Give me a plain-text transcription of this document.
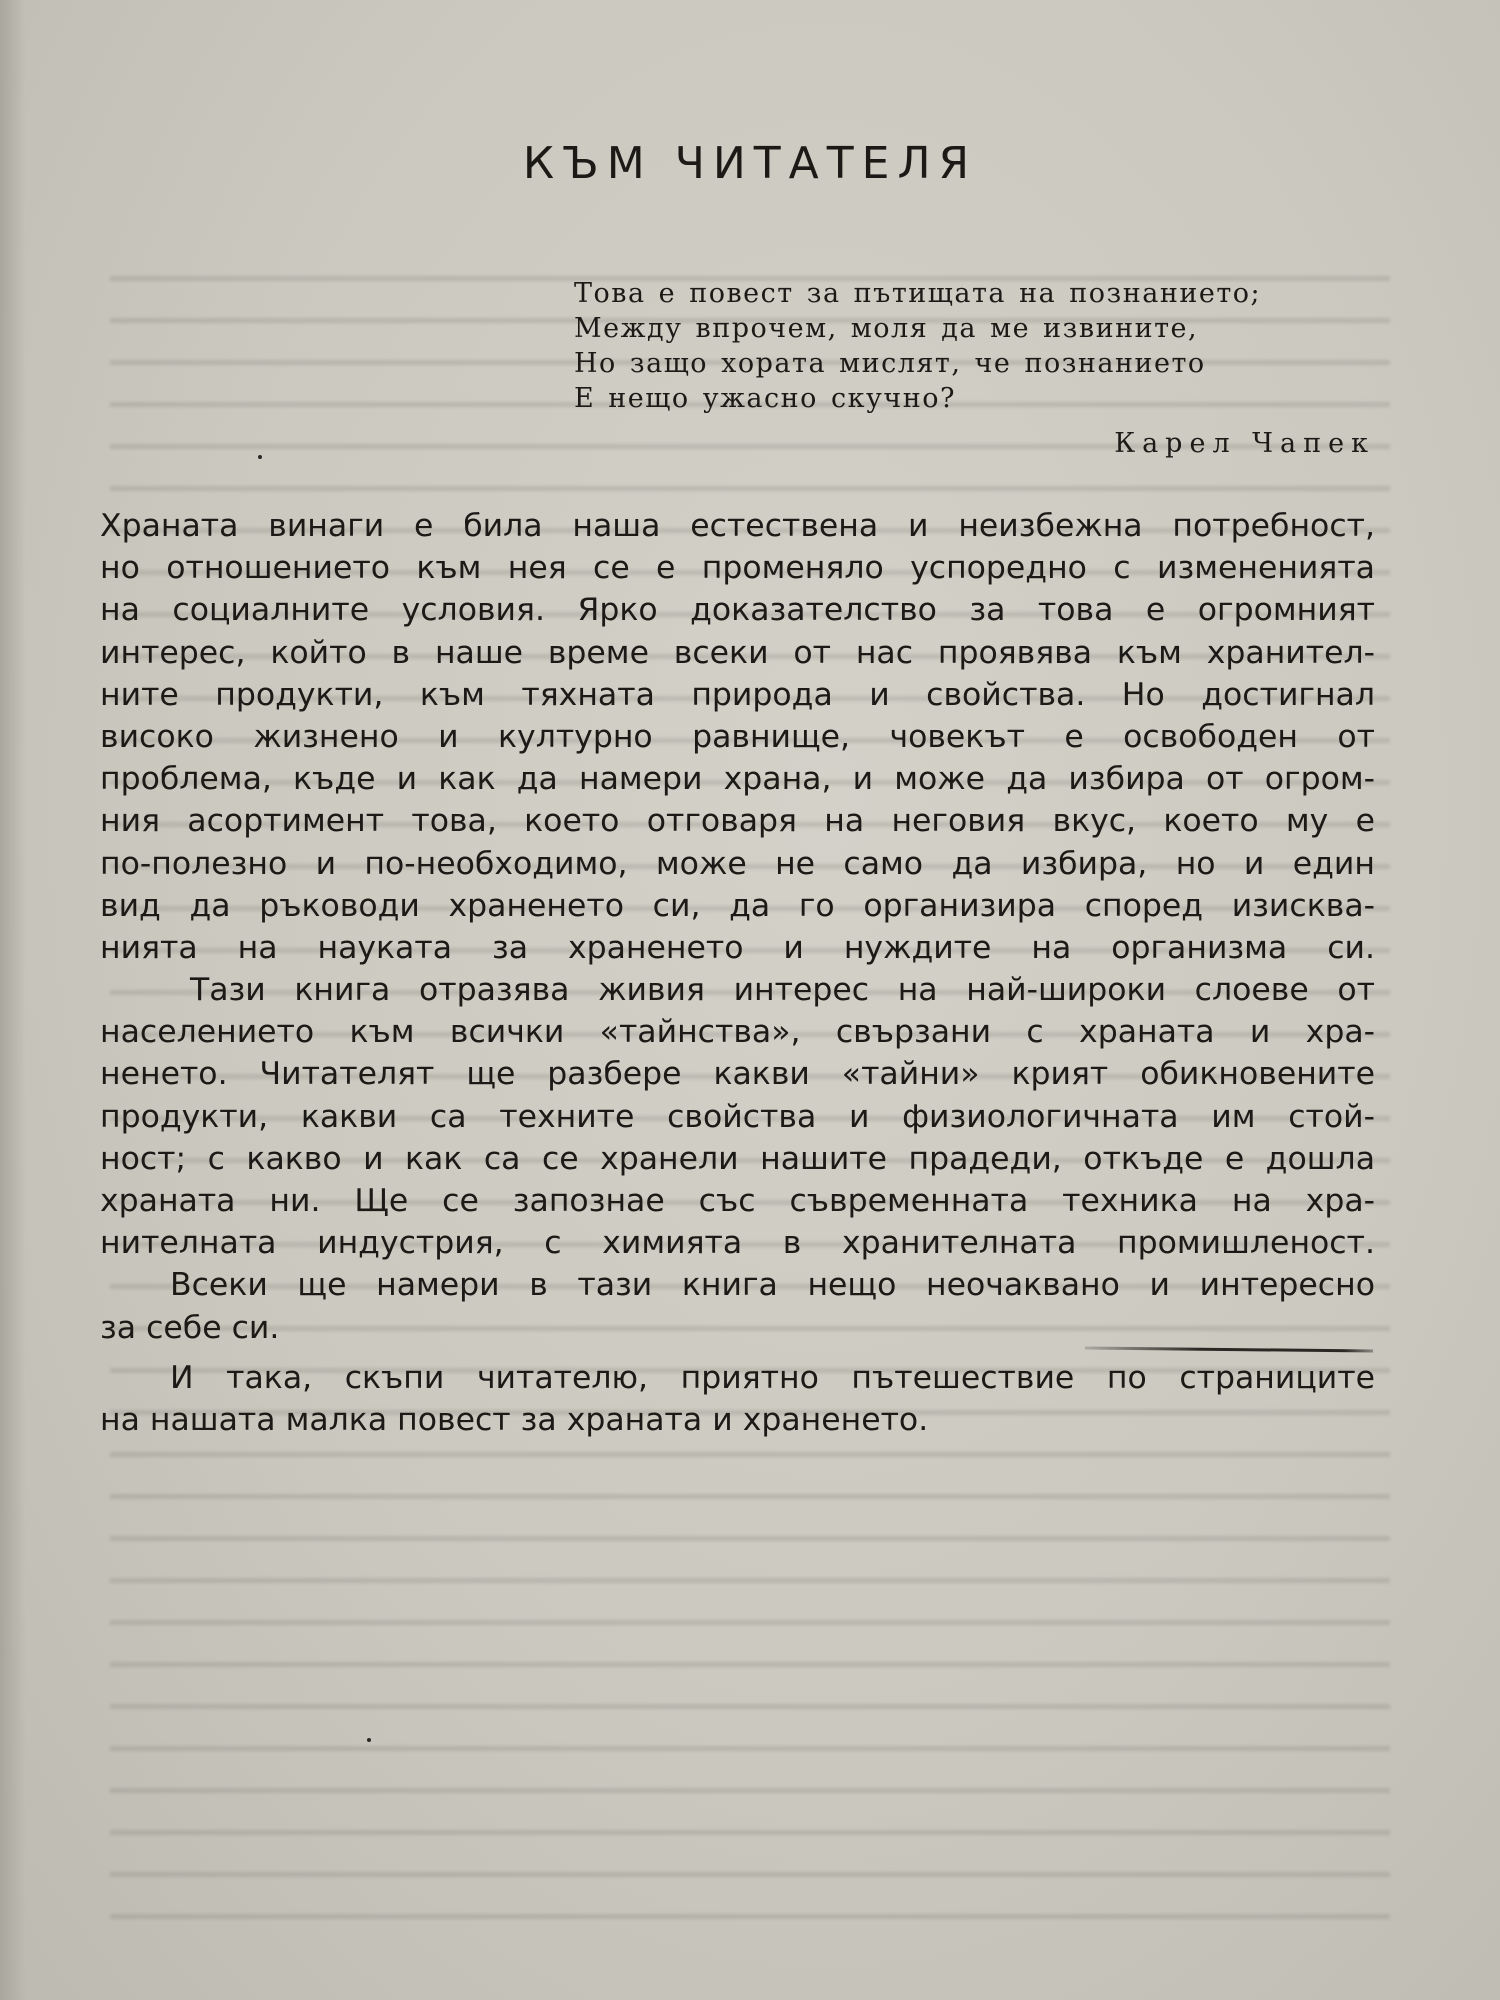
КЪМ ЧИТАТЕЛЯ
Това е повест за пътищата на познанието;
Между впрочем, моля да ме извините,
Но защо хората мислят, че познанието
Е нещо ужасно скучно?
Карел Чапек
Храната винаги е била наша естествена и неизбежна потребност,
но отношението към нея се е променяло успоредно с измененията
на социалните условия. Ярко доказателство за това е огромният
интерес, който в наше време всеки от нас проявява към хранител-
ните продукти, към тяхната природа и свойства. Но достигнал
високо жизнено и културно равнище, човекът е освободен от
проблема, къде и как да намери храна, и може да избира от огром-
ния асортимент това, което отговаря на неговия вкус, което му е
по-полезно и по-необходимо, може не само да избира, но и един
вид да ръководи храненето си, да го организира според изисква-
нията на науката за храненето и нуждите на организма си.
Тази книга отразява живия интерес на най-широки слоеве от
населението към всички «тайнства», свързани с храната и хра-
ненето. Читателят ще разбере какви «тайни» крият обикновените
продукти, какви са техните свойства и физиологичната им стой-
ност; с какво и как са се хранели нашите прадеди, откъде е дошла
храната ни. Ще се запознае със съвременната техника на хра-
нителната индустрия, с химията в хранителната промишленост.
Всеки ще намери в тази книга нещо неочаквано и интересно
за себе си.
И така, скъпи читателю, приятно пътешествие по страниците
на нашата малка повест за храната и храненето.
